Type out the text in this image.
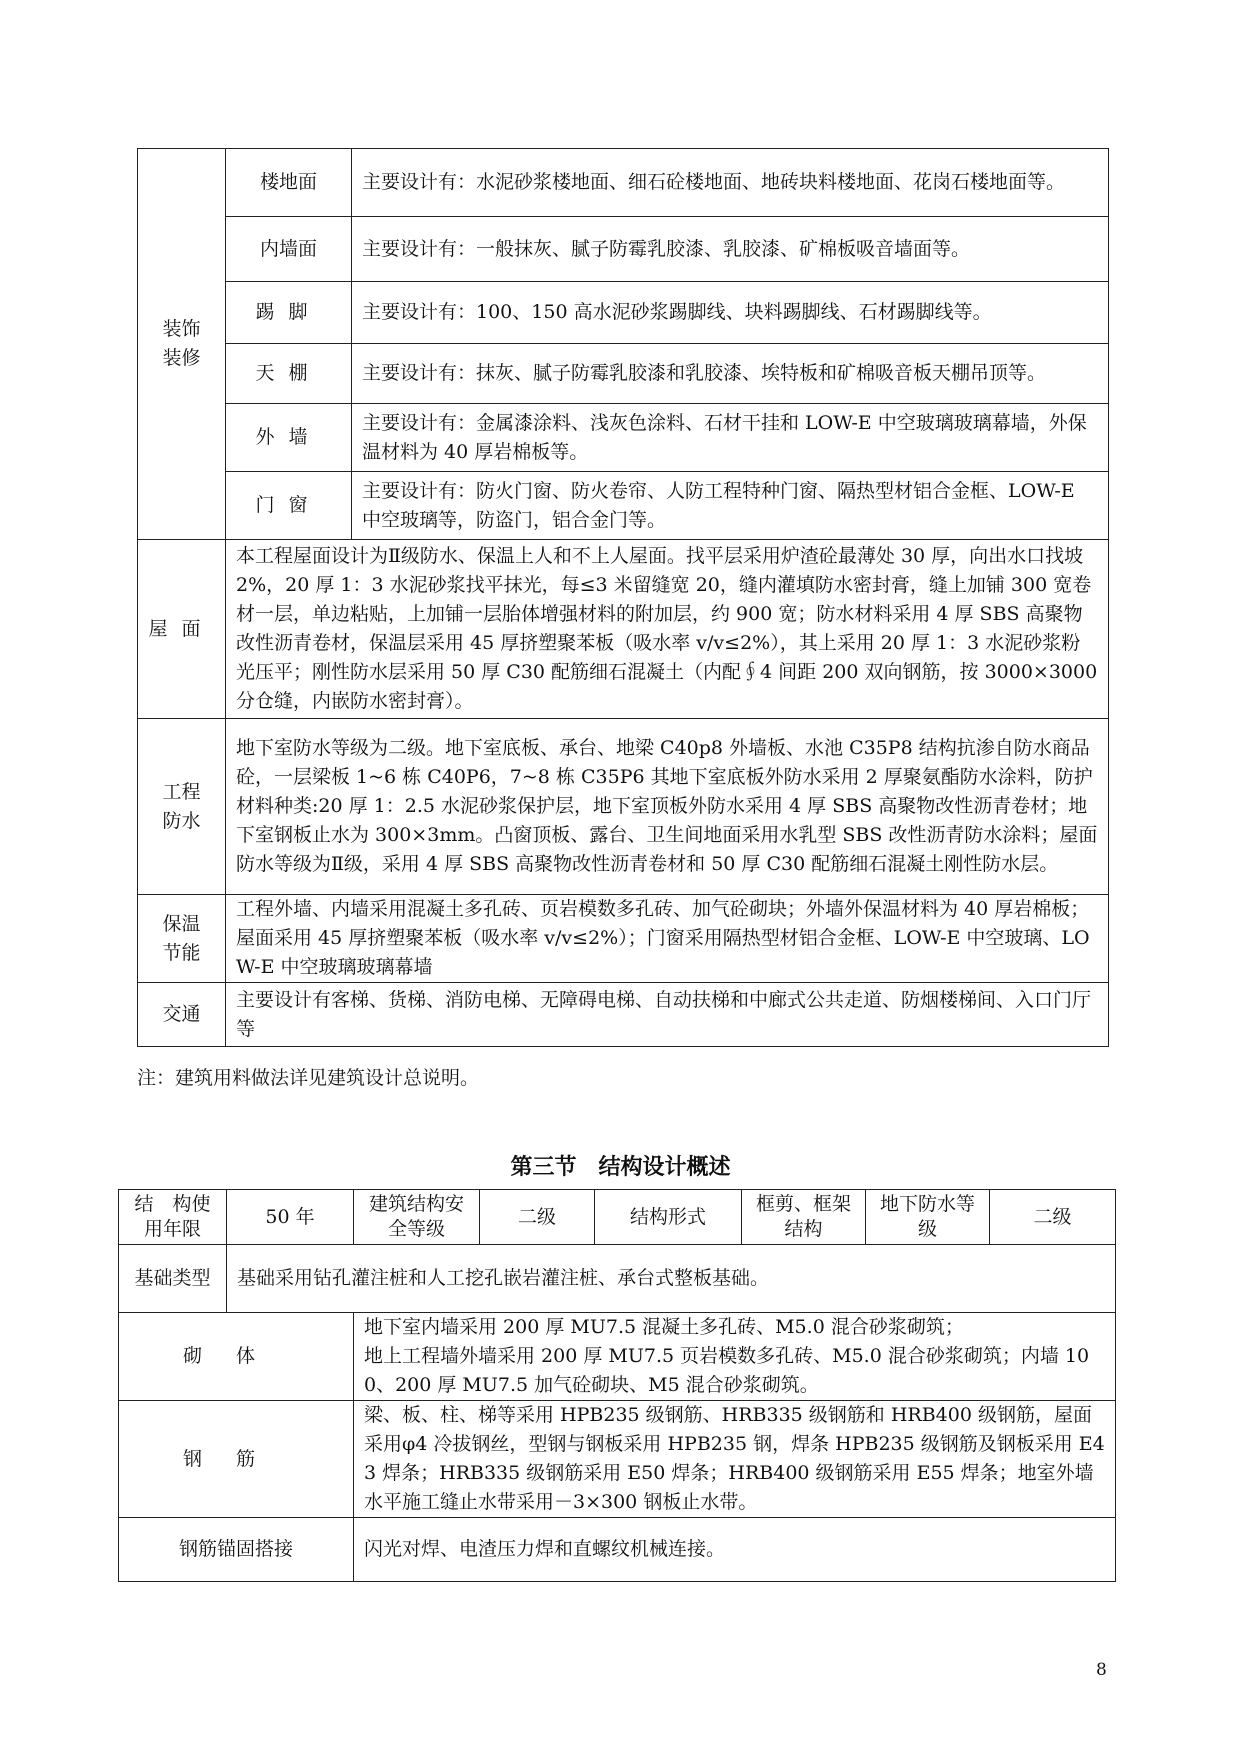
装饰装修	楼地面	主要设计有：水泥砂浆楼地面、细石砼楼地面、地砖块料楼地面、花岗石楼地面等。
	内墙面	主要设计有：一般抹灰、腻子防霉乳胶漆、乳胶漆、矿棉板吸音墙面等。
	踢脚	主要设计有：100、150 高水泥砂浆踢脚线、块料踢脚线、石材踢脚线等。
	天棚	主要设计有：抹灰、腻子防霉乳胶漆和乳胶漆、埃特板和矿棉吸音板天棚吊顶等。
	外墙	主要设计有：金属漆涂料、浅灰色涂料、石材干挂和 LOW-E 中空玻璃玻璃幕墙，外保温材料为 40 厚岩棉板等。
	门窗	主要设计有：防火门窗、防火卷帘、人防工程特种门窗、隔热型材铝合金框、LOW-E 中空玻璃等，防盗门，铝合金门等。
屋面	本工程屋面设计为Ⅱ级防水、保温上人和不上人屋面。找平层采用炉渣砼最薄处 30 厚，向出水口找坡 2%，20 厚 1：3 水泥砂浆找平抹光，每≤3 米留缝宽 20，缝内灌填防水密封膏，缝上加铺 300 宽卷材一层，单边粘贴，上加铺一层胎体增强材料的附加层，约 900 宽；防水材料采用 4 厚 SBS 高聚物改性沥青卷材，保温层采用 45 厚挤塑聚苯板（吸水率 v/v≤2%），其上采用 20 厚 1：3 水泥砂浆粉光压平；刚性防水层采用 50 厚 C30 配筋细石混凝土（内配∮4 间距 200 双向钢筋，按 3000×3000 分仓缝，内嵌防水密封膏）。	
工程防水	地下室防水等级为二级。地下室底板、承台、地梁 C40p8 外墙板、水池 C35P8 结构抗渗自防水商品砼，一层梁板 1~6 栋 C40P6，7~8 栋 C35P6 其地下室底板外防水采用 2 厚聚氨酯防水涂料，防护材料种类:20 厚 1：2.5 水泥砂浆保护层，地下室顶板外防水采用 4 厚 SBS 高聚物改性沥青卷材；地下室钢板止水为 300×3mm。凸窗顶板、露台、卫生间地面采用水乳型 SBS 改性沥青防水涂料；屋面防水等级为Ⅱ级，采用 4 厚 SBS 高聚物改性沥青卷材和 50 厚 C30 配筋细石混凝土刚性防水层。	
保温节能	工程外墙、内墙采用混凝土多孔砖、页岩模数多孔砖、加气砼砌块；外墙外保温材料为 40 厚岩棉板；屋面采用 45 厚挤塑聚苯板（吸水率 v/v≤2%）；门窗采用隔热型材铝合金框、LOW-E 中空玻璃、LOW-E 中空玻璃玻璃幕墙	
交通	主要设计有客梯、货梯、消防电梯、无障碍电梯、自动扶梯和中廊式公共走道、防烟楼梯间、入口门厅等	
注：建筑用料做法详见建筑设计总说明。
第三节　结构设计概述
结　构使用年限	50 年	建筑结构安全等级	二级	结构形式	框剪、框架结构	地下防水等　级	二级
基础类型	基础采用钻孔灌注桩和人工挖孔嵌岩灌注桩、承台式整板基础。						
砌体		地下室内墙采用 200 厚 MU7.5 混凝土多孔砖、M5.0 混合砂浆砌筑；
地上工程墙外墙采用 200 厚 MU7.5 页岩模数多孔砖、M5.0 混合砂浆砌筑；内墙 100、200 厚 MU7.5 加气砼砌块、M5 混合砂浆砌筑。					

钢筋		梁、板、柱、梯等采用 HPB235 级钢筋、HRB335 级钢筋和 HRB400 级钢筋，屋面采用φ4 冷拔钢丝，型钢与钢板采用 HPB235 钢，焊条 HPB235 级钢筋及钢板采用 E43 焊条；HRB335 级钢筋采用 E50 焊条；HRB400 级钢筋采用 E55 焊条；地室外墙水平施工缝止水带采用－3×300 钢板止水带。					
钢筋锚固搭接		闪光对焊、电渣压力焊和直螺纹机械连接。					
8
